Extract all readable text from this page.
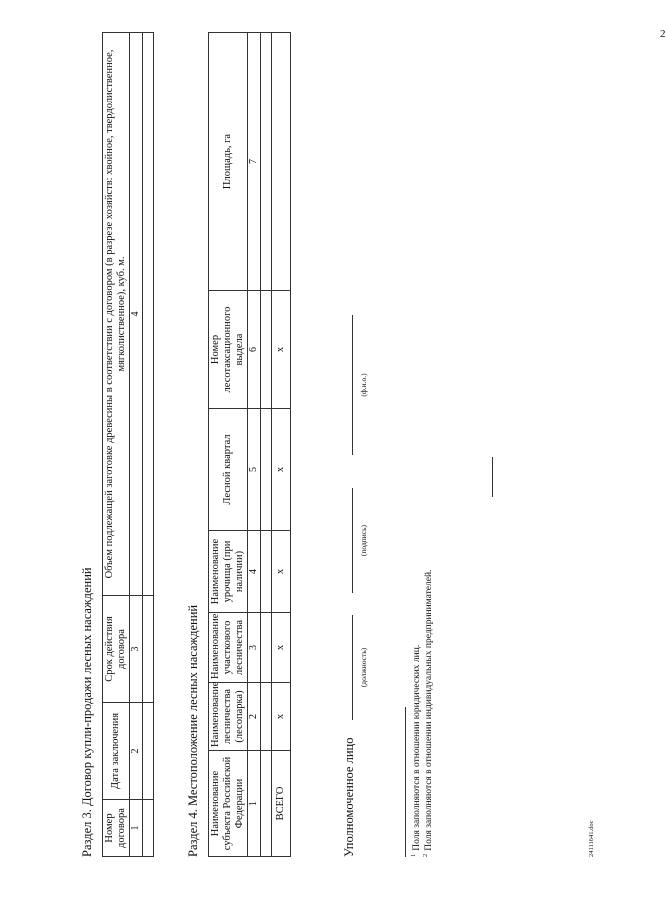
2
Раздел 3. Договор купли-продажи лесных насаждений Номер договора	Дата заключения	Срок действия договора	Объем подлежащей заготовке древесины в соответствии с договором (в разрезе хозяйств: хвойное, твердолиственное, мягколиственное), куб. м.
1	2	3	4

Раздел 4. Местоположение лесных насаждений Наименование субъекта Российской Федерации	Наименование лесничества (лесопарка)	Наименование участкового лесничества	Наименование урочища (при наличии)	Лесной квартал	Номер лесотаксационного выдела	Площадь, га
1	2	3	4	5	6	7

ВСЕГО	х	х	х	х	х	
Уполномоченное лицо
(должность)
(подпись)
(ф.и.о.)
$^1$Поля заполняются в отношении юридических лиц.
$^2$Поля заполняются в отношении индивидуальных предпринимателей.	24111641.doc
